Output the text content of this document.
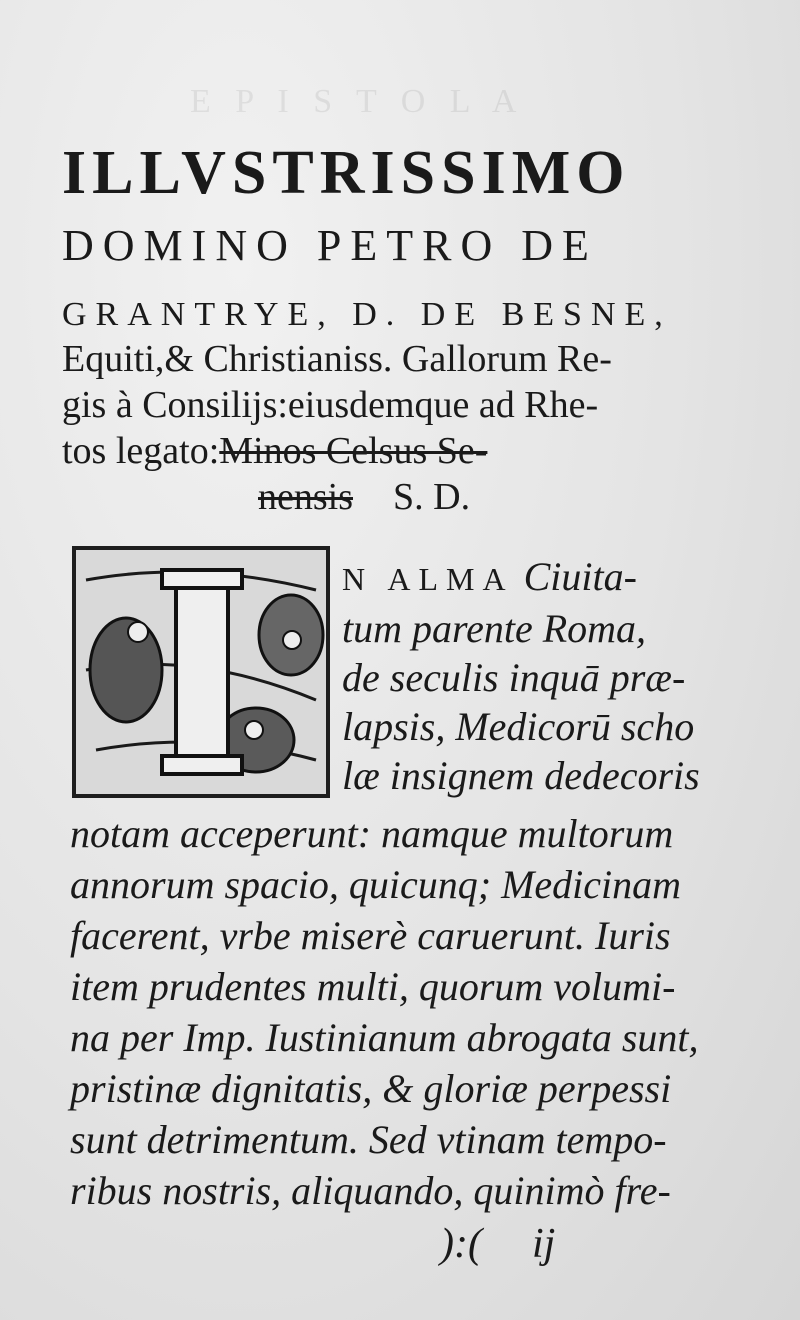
E P I S T O L A
ILLVSTRISSIMO
DOMINO PETRO DE
GRANTRYE, D. DE BESNE,
Equiti,& Christianiss. Gallorum Re-
gis à Consilijs:eiusdemque ad Rhe-
tos legato:Minos Celsus Se-
nensis S. D.
N ALMA Ciuita-
tum parente Roma,
de seculis inquā præ-
lapsis, Medicorū scho
læ insignem dedecoris
notam acceperunt: namque multorum
annorum spacio, quicunq; Medicinam
facerent, vrbe miserè caruerunt. Iuris
item prudentes multi, quorum volumi-
na per Imp. Iustinianum abrogata sunt,
pristinæ dignitatis, & gloriæ perpessi
sunt detrimentum. Sed vtinam tempo-
ribus nostris, aliquando, quinimò fre-
):( ij
